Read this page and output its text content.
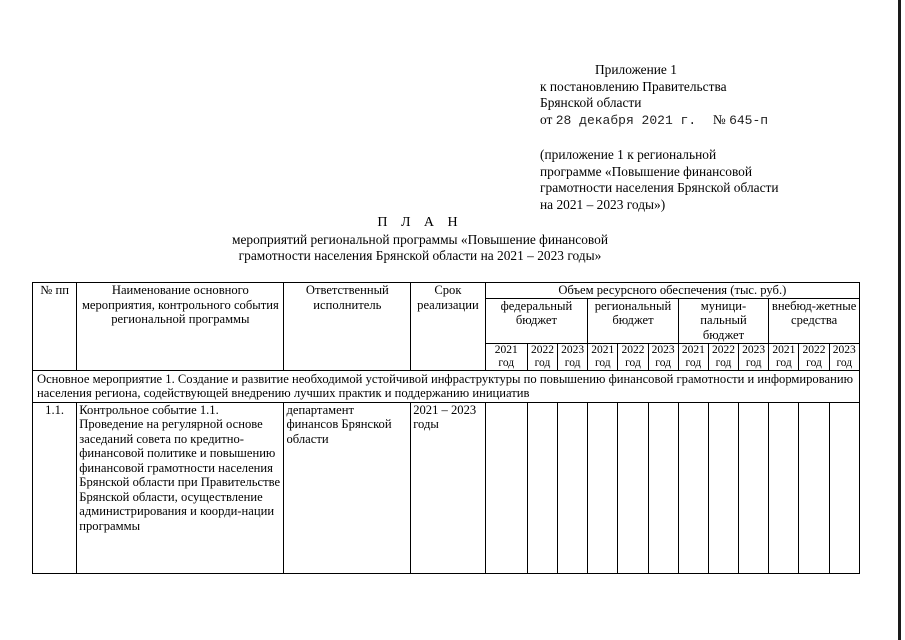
Приложение 1
к постановлению Правительства
Брянской области
от 28 декабря 2021 г. № 645-п
(приложение 1 к региональной
программе «Повышение финансовой
грамотности населения Брянской области
на 2021 – 2023 годы»)
П Л А Н
мероприятий региональной программы «Повышение финансовой
грамотности населения Брянской области на 2021 – 2023 годы»
№ пп	Наименование основного мероприятия, контрольного события региональной программы	Ответственный исполнитель	Срок реализации	Объем ресурсного обеспечения (тыс. руб.)											
				федеральный бюджет			региональный бюджет			муници-пальный бюджет			внебюд-жетные средства		
				2021 год	2022 год	2023 год	2021 год	2022 год	2023 год	2021 год	2022 год	2023 год	2021 год	2022 год	2023 год
Основное мероприятие 1. Создание и развитие необходимой устойчивой инфраструктуры по повышению финансовой грамотности и информированию населения региона, содействующей внедрению лучших практик и поддержанию инициатив															
1.1.	Контрольное событие 1.1. Проведение на регулярной основе заседаний совета по кредитно-финансовой политике и повышению финансовой грамотности населения Брянской области при Правительстве Брянской области, осуществление администрирования и коорди-нации программы	департамент финансов Брянской области	2021 – 2023 годы												
